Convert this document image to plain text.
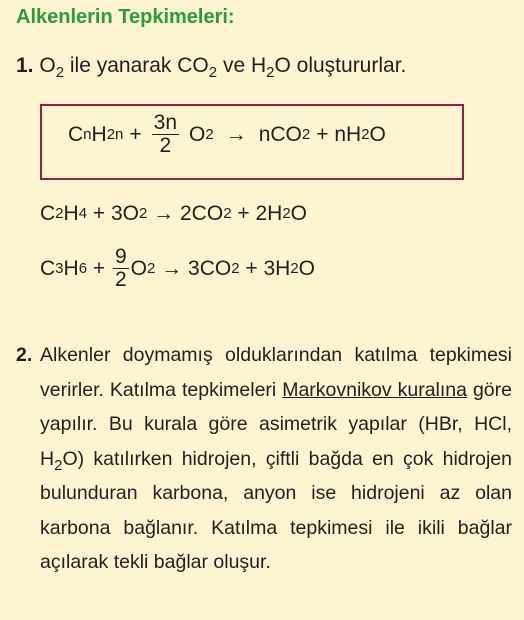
Alkenlerin Tepkimeleri:
1. $O_2$ ile yanarak $CO_2$ ve $H_2O$ oluştururlar.
C n H $2n + \frac{3n}{2}$ O 2 → nCO 2 + nH 2 O
C 2 H 4 + 3O 2 → 2CO 2 + 2H 2 O
C 3 H $6 + \frac{9}{2}$ O 2 → 3CO 2 + 3H 2 O
2. Alkenler doymamış olduklarından katılma tepkimesi verirler. Katılma tepkimeleri Markovnikov kuralına göre yapılır. Bu kurala göre asimetrik yapılar (HBr, HCl, $H_2O$) katılırken hidrojen, çiftli bağda en çok hidrojen bulunduran karbona, anyon ise hidrojeni az olan karbona bağlanır. Katılma tepkimesi ile ikili bağlar açılarak tekli bağlar oluşur.
